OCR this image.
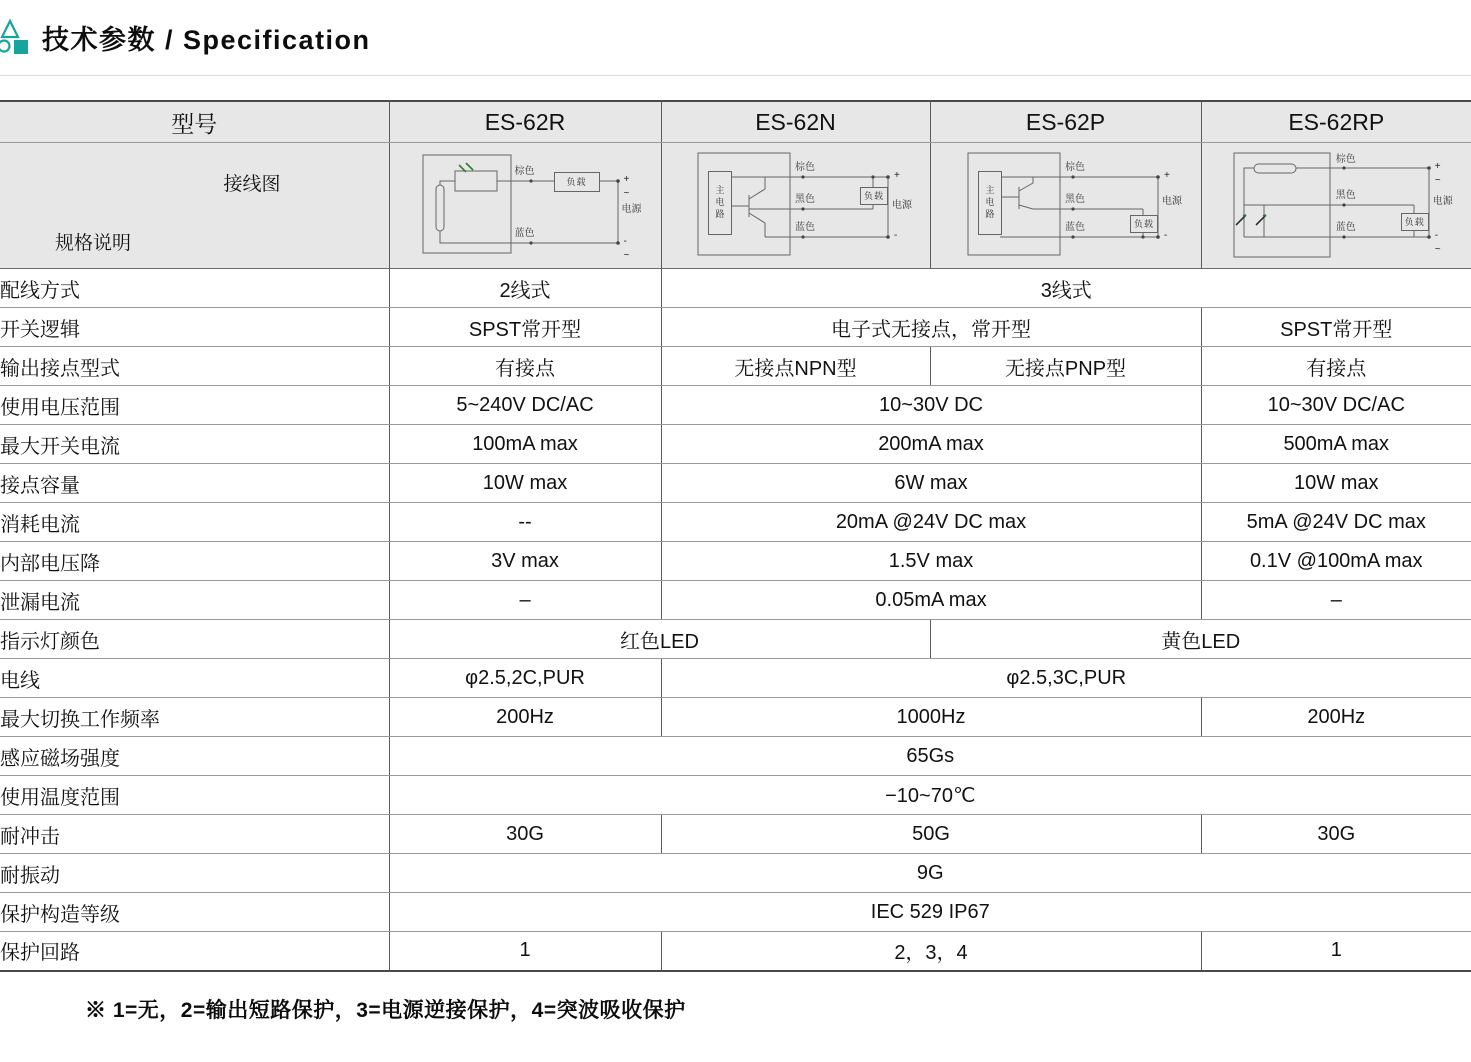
技术参数 / Specification
型号	ES-62R	ES-62N	ES-62P	ES-62RP

接线图
规格说明

棕色
负载
蓝色
电源
+
~
-
~

主电路
棕色
黑色
蓝色
负载
电源
+
-

主电路
棕色
黑色
蓝色	负载
电源
+
-

棕色
黑色
蓝色	负载
电源
+
~
-
~

配线方式	2线式	3线式		
开关逻辑	SPST常开型	电子式无接点，常开型		SPST常开型
输出接点型式	有接点	无接点NPN型	无接点PNP型	有接点
使用电压范围	5~240V DC/AC	10~30V DC		10~30V DC/AC
最大开关电流	100mA max	200mA max		500mA max
接点容量	10W max	6W max		10W max
消耗电流	--	20mA @24V DC max		5mA @24V DC max
内部电压降	3V max	1.5V max		0.1V @100mA max
泄漏电流	–	0.05mA max		–
指示灯颜色	红色LED		黄色LED	
电线	φ2.5,2C,PUR	φ2.5,3C,PUR		
最大切换工作频率	200Hz	1000Hz		200Hz
感应磁场强度	65Gs			
使用温度范围	−10~70℃			
耐冲击	30G	50G		30G
耐振动	9G			
保护构造等级	IEC 529 IP67			
保护回路	1	2，3，4		1
※ 1=无，2=输出短路保护，3=电源逆接保护，4=突波吸收保护
